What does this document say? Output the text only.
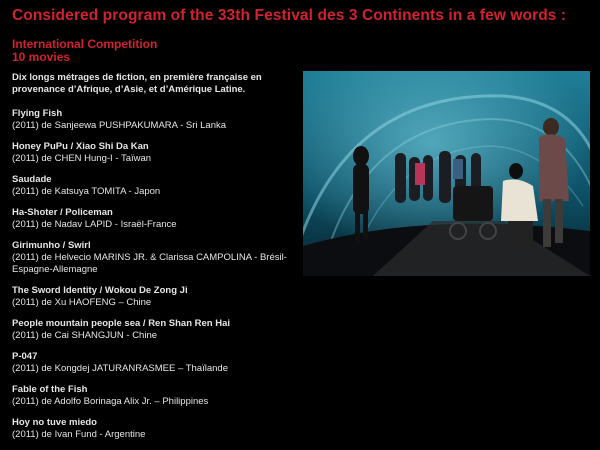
Considered program of the 33th Festival des 3 Continents in a few words :
International Competition
10 movies

Dix longs métrages de fiction, en première française en provenance d’Afrique, d’Asie, et d’Amérique Latine.

Flying Fish
(2011) de Sanjeewa PUSHPAKUMARA - Sri Lanka
Honey PuPu / Xiao Shi Da Kan
(2011) de CHEN Hung-I - Taïwan
Saudade
(2011) de Katsuya TOMITA - Japon
Ha-Shoter / Policeman
(2011) de Nadav LAPID - Israël-France
Girimunho / Swirl
(2011) de Helvecio MARINS JR. & Clarissa CAMPOLINA - Brésil-Espagne-Allemagne
The Sword Identity / Wokou De Zong Ji
(2011) de Xu HAOFENG – Chine
People mountain people sea / Ren Shan Ren Hai
(2011) de Cai SHANGJUN - Chine
P-047
(2011) de Kongdej JATURANRASMEE – Thaïlande
Fable of the Fish
(2011) de Adolfo Borinaga Alix Jr. – Philippines
Hoy no tuve miedo
(2011) de Ivan Fund - Argentine
